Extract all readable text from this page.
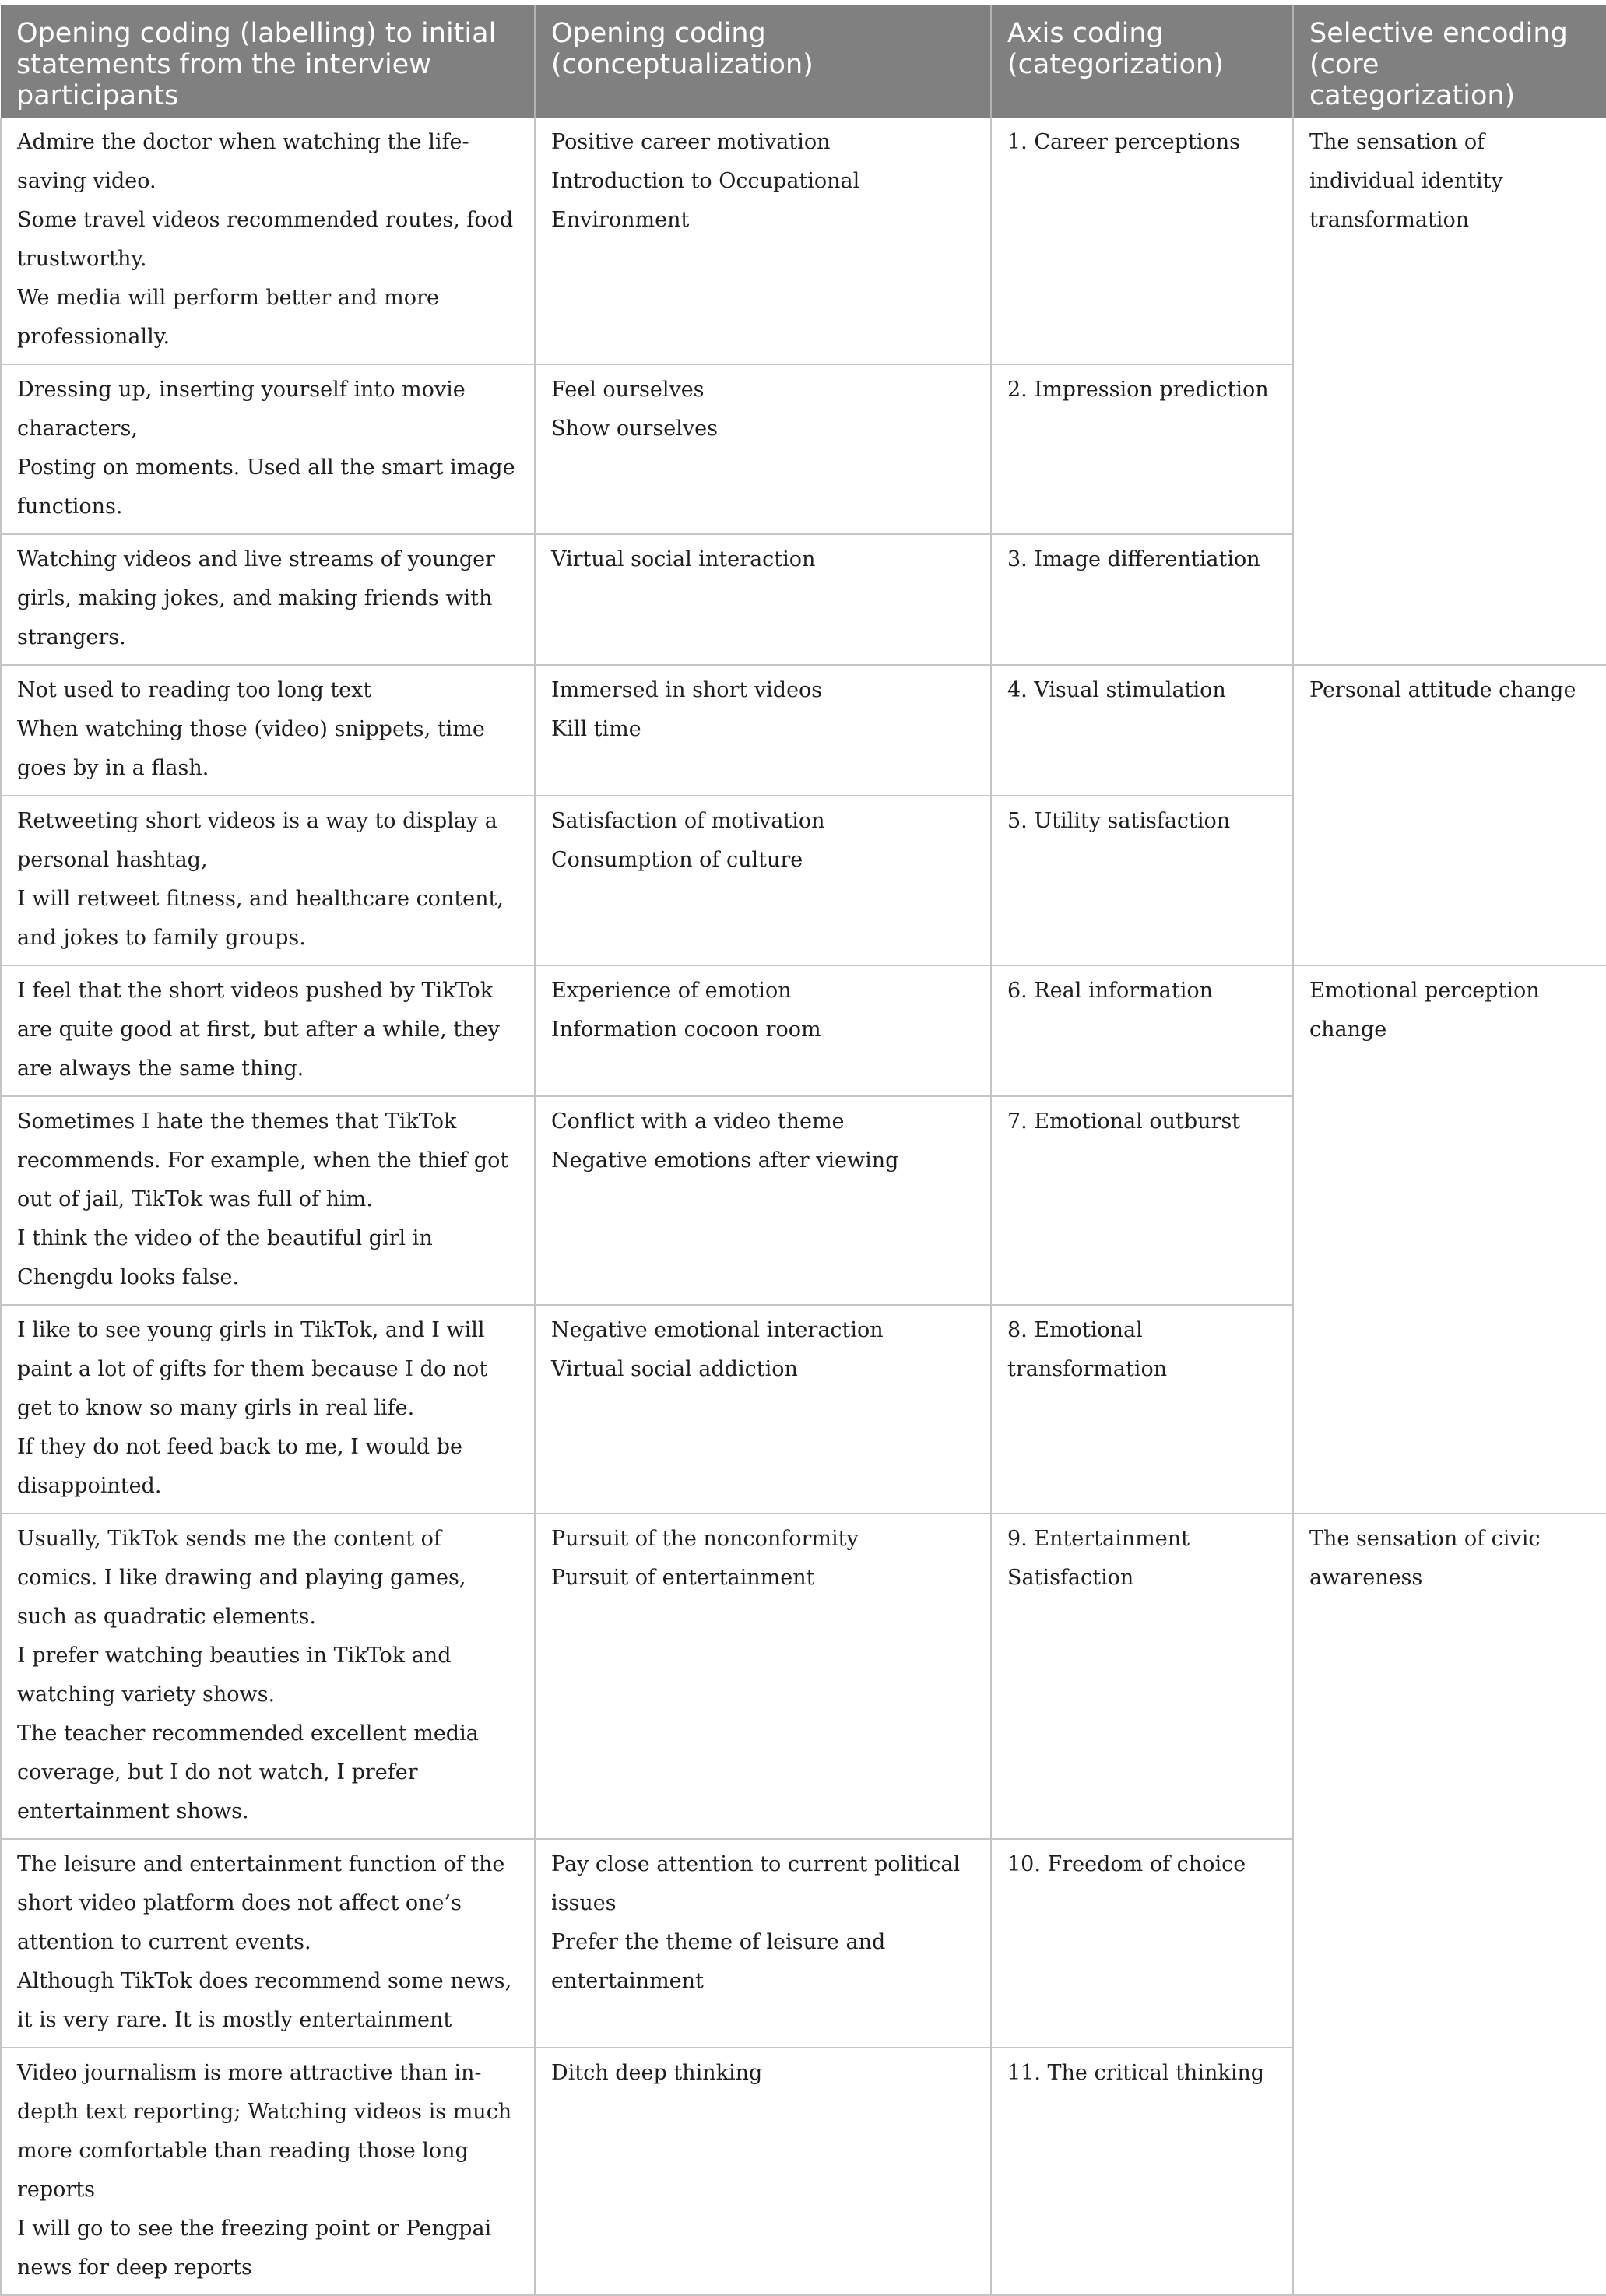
Opening coding (labelling) to initial statements from the interview participants	Opening coding (conceptualization)	Axis coding (categorization)	Selective encoding (core categorization)

Admire the doctor when watching the life-saving video.
Some travel videos recommended routes, food trustworthy.
We media will perform better and more professionally.	Positive career motivation
Introduction to Occupational Environment	1. Career perceptions	The sensation of individual identity transformation

Dressing up, inserting yourself into movie characters,
Posting on moments. Used all the smart image functions.	Feel ourselves
Show ourselves	2. Impression prediction	

Watching videos and live streams of younger girls, making jokes, and making friends with strangers.	Virtual social interaction	3. Image differentiation	

Not used to reading too long text
When watching those (video) snippets, time goes by in a flash.	Immersed in short videos
Kill time	4. Visual stimulation	Personal attitude change

Retweeting short videos is a way to display a personal hashtag,
I will retweet fitness, and healthcare content, and jokes to family groups.	Satisfaction of motivation
Consumption of culture	5. Utility satisfaction	

I feel that the short videos pushed by TikTok are quite good at first, but after a while, they are always the same thing.	Experience of emotion
Information cocoon room	6. Real information	Emotional perception change

Sometimes I hate the themes that TikTok recommends. For example, when the thief got out of jail, TikTok was full of him.
I think the video of the beautiful girl in Chengdu looks false.	Conflict with a video theme
Negative emotions after viewing	7. Emotional outburst	

I like to see young girls in TikTok, and I will paint a lot of gifts for them because I do not get to know so many girls in real life.
If they do not feed back to me, I would be disappointed.	Negative emotional interaction
Virtual social addiction	8. Emotional transformation	

Usually, TikTok sends me the content of comics. I like drawing and playing games, such as quadratic elements.
I prefer watching beauties in TikTok and watching variety shows.
The teacher recommended excellent media coverage, but I do not watch, I prefer entertainment shows.	Pursuit of the nonconformity
Pursuit of entertainment	9. Entertainment Satisfaction	The sensation of civic awareness

The leisure and entertainment function of the short video platform does not affect one’s attention to current events.
Although TikTok does recommend some news, it is very rare. It is mostly entertainment	Pay close attention to current political issues
Prefer the theme of leisure and entertainment	10. Freedom of choice	

Video journalism is more attractive than in-depth text reporting; Watching videos is much more comfortable than reading those long reports
I will go to see the freezing point or Pengpai news for deep reports	Ditch deep thinking	11. The critical thinking	
